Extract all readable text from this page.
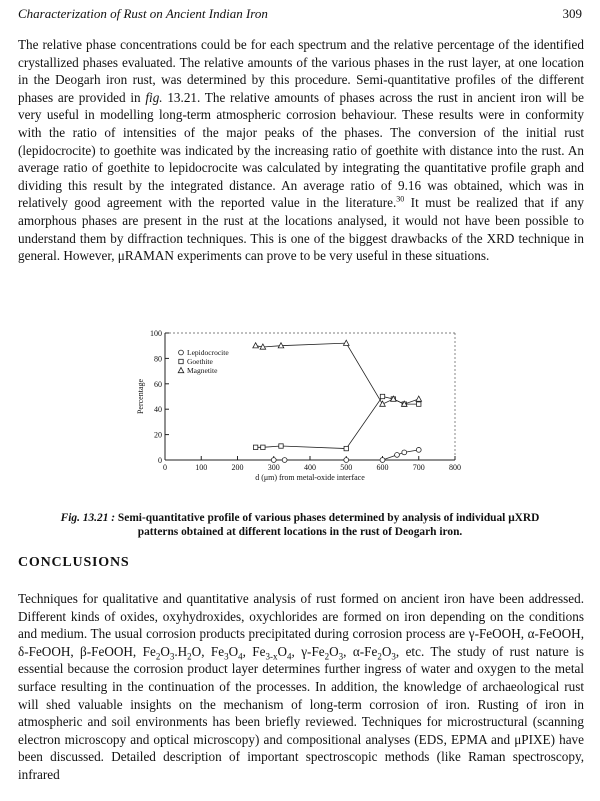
Characterization of Rust on Ancient Indian Iron	309

The relative phase concentrations could be for each spectrum and the relative percentage of the identified crystallized phases evaluated. The relative amounts of the various phases in the rust layer, at one location in the Deogarh iron rust, was determined by this procedure. Semi-quantitative profiles of the different phases are provided in fig. 13.21. The relative amounts of phases across the rust in ancient iron will be very useful in modelling long-term atmospheric corrosion behaviour. These results were in conformity with the ratio of intensities of the major peaks of the phases. The conversion of the initial rust (lepidocrocite) to goethite was indicated by the increasing ratio of goethite with distance into the rust. An average ratio of goethite to lepidocrocite was calculated by integrating the quantitative profile graph and dividing this result by the integrated distance. An average ratio of 9.16 was obtained, which was in relatively good agreement with the reported value in the literature.$^{30}$ It must be realized that if any amorphous phases are present in the rust at the locations analysed, it would not have been possible to understand them by diffraction techniques. This is one of the biggest drawbacks of the XRD technique in general. However, μRAMAN experiments can prove to be very useful in these situations.

0
20
40
60
80
100
0	100	200	300	400	500	600	700	800
d (μm) from metal-oxide interface
Percentage
Lepidocrocite
Goethite
Magnetite
Fig. 13.21 : Semi-quantitative profile of various phases determined by analysis of individual μXRD patterns obtained at different locations in the rust of Deogarh iron.
CONCLUSIONS

Techniques for qualitative and quantitative analysis of rust formed on ancient iron have been addressed. Different kinds of oxides, oxyhydroxides, oxychlorides are formed on iron depending on the conditions and medium. The usual corrosion products precipitated during corrosion process are γ-FeOOH, α-FeOOH, δ-FeOOH, β-FeOOH, $Fe_2O_3.H_2O$, $Fe_3O_4$, $Fe_{3-x}O_4$, $\gamma-Fe_2O_3$, $\alpha-Fe_2O_3$, etc. The study of rust nature is essential because the corrosion product layer determines further ingress of water and oxygen to the metal surface resulting in the continuation of the processes. In addition, the knowledge of archaeological rust will shed valuable insights on the mechanism of long-term corrosion of iron. Rusting of iron in atmospheric and soil environments has been briefly reviewed. Techniques for microstructural (scanning electron microscopy and optical microscopy) and compositional analyses (EDS, EPMA and μPIXE) have been discussed. Detailed description of important spectroscopic methods (like Raman spectroscopy, infrared
